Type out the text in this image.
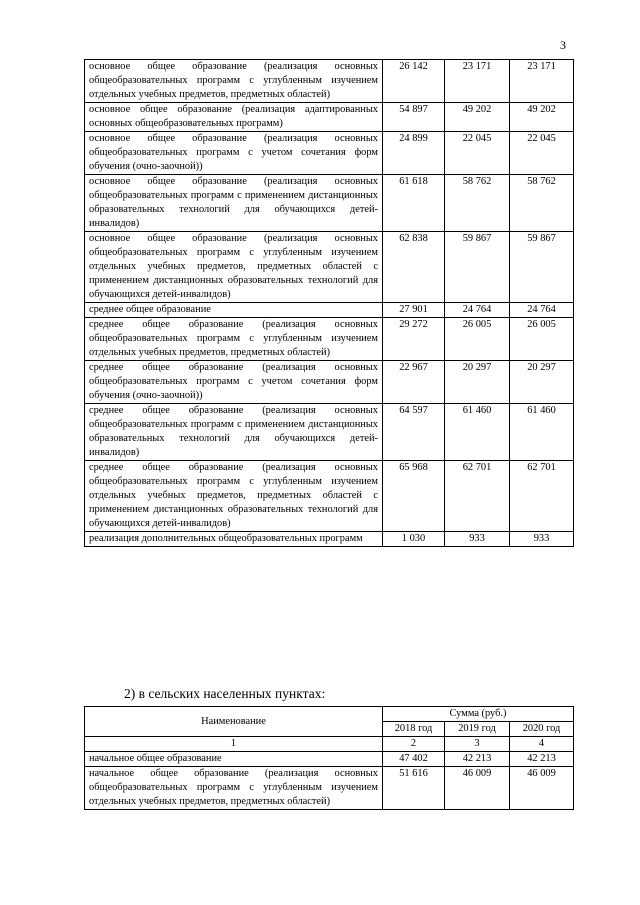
3
основное общее образование (реализация основных общеобразовательных программ с углубленным изучением отдельных учебных предметов, предметных областей)	26 142	23 171	23 171
основное общее образование (реализация адаптированных основных общеобразовательных программ)	54 897	49 202	49 202
основное общее образование (реализация основных общеобразовательных программ с учетом сочетания форм обучения (очно-заочной))	24 899	22 045	22 045
основное общее образование (реализация основных общеобразовательных программ с применением дистанционных образовательных технологий для обучающихся детей-инвалидов)	61 618	58 762	58 762
основное общее образование (реализация основных общеобразовательных программ с углубленным изучением отдельных учебных предметов, предметных областей с применением дистанционных образовательных технологий для обучающихся детей-инвалидов)	62 838	59 867	59 867
среднее общее образование	27 901	24 764	24 764
среднее общее образование (реализация основных общеобразовательных программ с углубленным изучением отдельных учебных предметов, предметных областей)	29 272	26 005	26 005
среднее общее образование (реализация основных общеобразовательных программ с учетом сочетания форм обучения (очно-заочной))	22 967	20 297	20 297
среднее общее образование (реализация основных общеобразовательных программ с применением дистанционных образовательных технологий для обучающихся детей-инвалидов)	64 597	61 460	61 460
среднее общее образование (реализация основных общеобразовательных программ с углубленным изучением отдельных учебных предметов, предметных областей с применением дистанционных образовательных технологий для обучающихся детей-инвалидов)	65 968	62 701	62 701
реализация дополнительных общеобразовательных программ	1 030	933	933
2) в сельских населенных пунктах:
Наименование	Сумма (руб.)		
	2018 год	2019 год	2020 год
1	2	3	4
начальное общее образование	47 402	42 213	42 213
начальное общее образование (реализация основных общеобразовательных программ с углубленным изучением отдельных учебных предметов, предметных областей)	51 616	46 009	46 009
